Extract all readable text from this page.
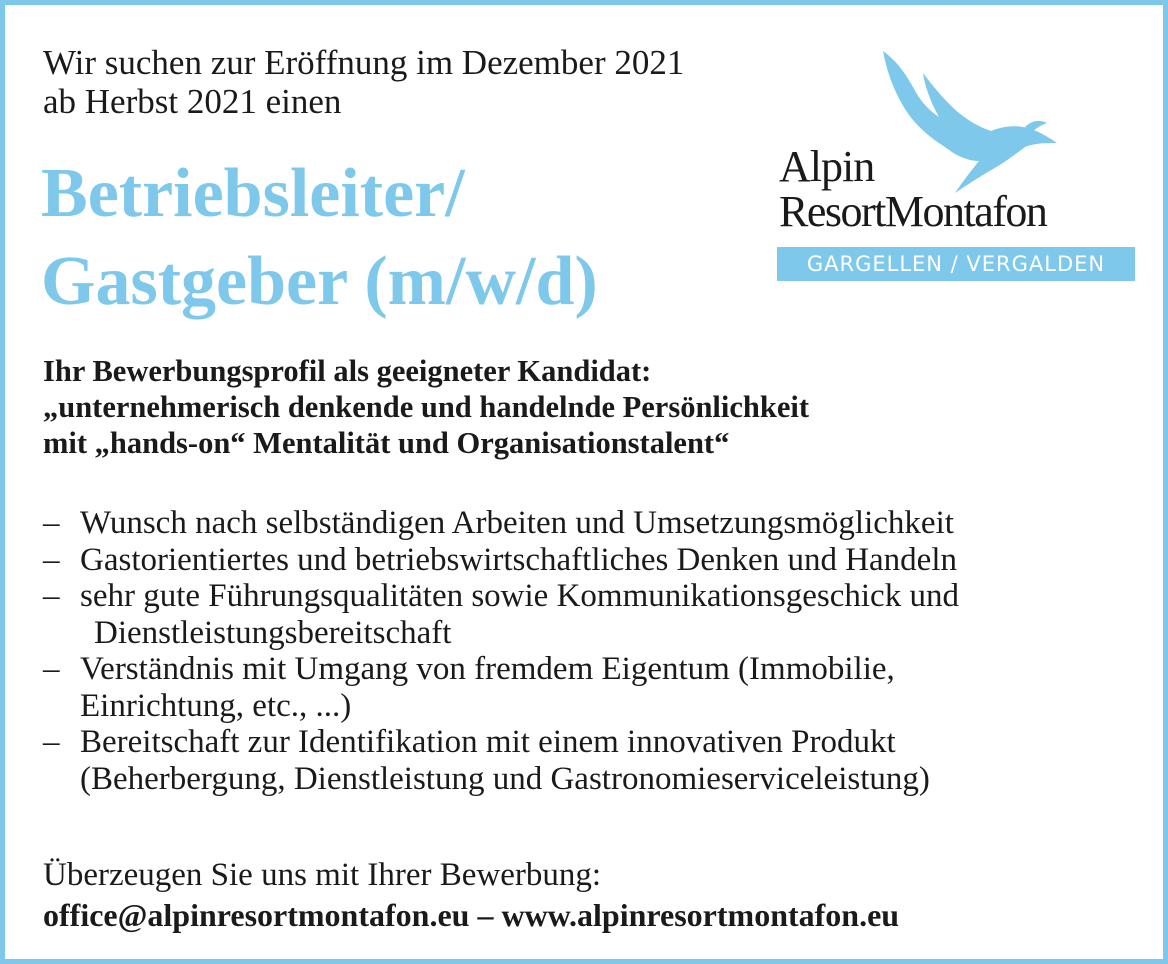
Wir suchen zur Eröffnung im Dezember 2021
ab Herbst 2021 einen
Betriebsleiter/
Gastgeber (m/w/d)
Alpin
ResortMontafon
GARGELLEN / VERGALDEN
Ihr Bewerbungsprofil als geeigneter Kandidat:
„unternehmerisch denkende und handelnde Persönlichkeit
mit „hands-on“ Mentalität und Organisationstalent“
– Wunsch nach selbständigen Arbeiten und Umsetzungsmöglichkeit
– Gastorientiertes und betriebswirtschaftliches Denken und Handeln
– sehr gute Führungsqualitäten sowie Kommunikationsgeschick und
Dienstleistungsbereitschaft
– Verständnis mit Umgang von fremdem Eigentum (Immobilie,
Einrichtung, etc., ...)
– Bereitschaft zur Identifikation mit einem innovativen Produkt
(Beherbergung, Dienstleistung und Gastronomieserviceleistung)
Überzeugen Sie uns mit Ihrer Bewerbung:
office@alpinresortmontafon.eu – www.alpinresortmontafon.eu
